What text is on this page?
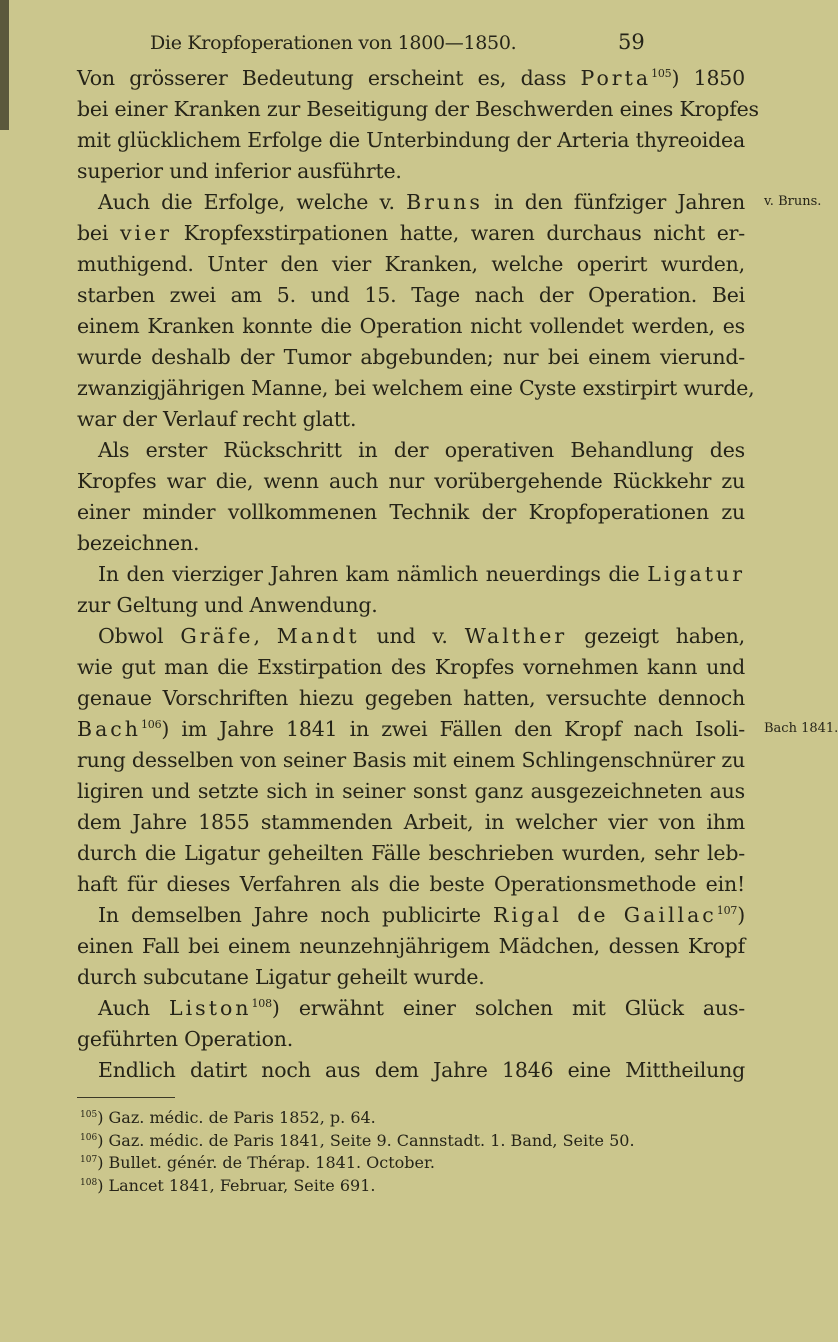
Die Kropfoperationen von 1800—1850.	59
Von grösserer Bedeutung erscheint es, dass Porta$^{105}$) 1850
bei einer Kranken zur Beseitigung der Beschwerden eines Kropfes
mit glücklichem Erfolge die Unterbindung der Arteria thyreoidea
superior und inferior ausführte.
Auch die Erfolge, welche v. Bruns in den fünfziger Jahren v. Bruns.
bei vier Kropfexstirpationen hatte, waren durchaus nicht er-
muthigend. Unter den vier Kranken, welche operirt wurden,
starben zwei am 5. und 15. Tage nach der Operation. Bei
einem Kranken konnte die Operation nicht vollendet werden, es
wurde deshalb der Tumor abgebunden; nur bei einem vierund-
zwanzigjährigen Manne, bei welchem eine Cyste exstirpirt wurde,
war der Verlauf recht glatt.
Als erster Rückschritt in der operativen Behandlung des
Kropfes war die, wenn auch nur vorübergehende Rückkehr zu
einer minder vollkommenen Technik der Kropfoperationen zu
bezeichnen.
In den vierziger Jahren kam nämlich neuerdings die Ligatur
zur Geltung und Anwendung.
Obwol Gräfe, Mandt und v. Walther gezeigt haben,
wie gut man die Exstirpation des Kropfes vornehmen kann und
genaue Vorschriften hiezu gegeben hatten, versuchte dennoch
Bach$^{106}$) im Jahre 1841 in zwei Fällen den Kropf nach Isoli- Bach 1841.
rung desselben von seiner Basis mit einem Schlingenschnürer zu
ligiren und setzte sich in seiner sonst ganz ausgezeichneten aus
dem Jahre 1855 stammenden Arbeit, in welcher vier von ihm
durch die Ligatur geheilten Fälle beschrieben wurden, sehr leb-
haft für dieses Verfahren als die beste Operationsmethode ein!
In demselben Jahre noch publicirte Rigal de Gaillac$^{107}$)
einen Fall bei einem neunzehnjährigem Mädchen, dessen Kropf
durch subcutane Ligatur geheilt wurde.
Auch Liston$^{108}$) erwähnt einer solchen mit Glück aus-
geführten Operation.
Endlich datirt noch aus dem Jahre 1846 eine Mittheilung
$^{105}$) Gaz. médic. de Paris 1852, p. 64.
$^{106}$) Gaz. médic. de Paris 1841, Seite 9. Cannstadt. 1. Band, Seite 50.
$^{107}$) Bullet. génér. de Thérap. 1841. October.
$^{108}$) Lancet 1841, Februar, Seite 691.
